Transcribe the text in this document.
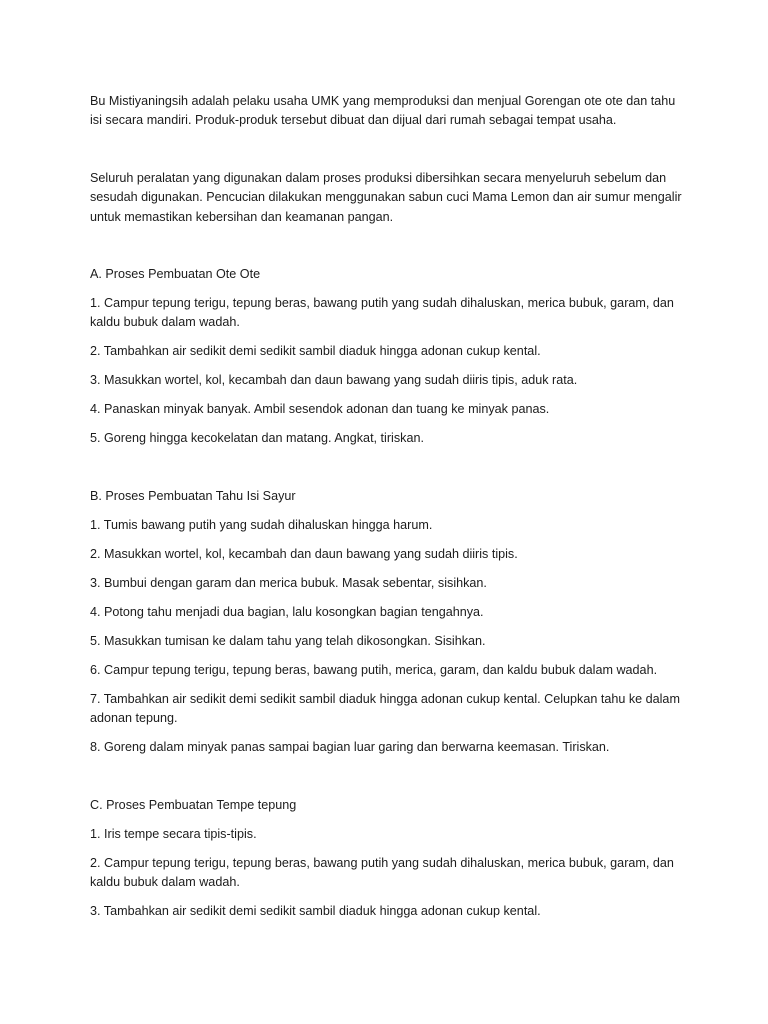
Bu Mistiyaningsih adalah pelaku usaha UMK yang memproduksi dan menjual Gorengan ote ote dan tahu isi secara mandiri. Produk-produk tersebut dibuat dan dijual dari rumah sebagai tempat usaha.

Seluruh peralatan yang digunakan dalam proses produksi dibersihkan secara menyeluruh sebelum dan sesudah digunakan. Pencucian dilakukan menggunakan sabun cuci Mama Lemon dan air sumur mengalir untuk memastikan kebersihan dan keamanan pangan.

A. Proses Pembuatan Ote Ote

1. Campur tepung terigu, tepung beras, bawang putih yang sudah dihaluskan, merica bubuk, garam, dan kaldu bubuk dalam wadah.

2. Tambahkan air sedikit demi sedikit sambil diaduk hingga adonan cukup kental.

3. Masukkan wortel, kol, kecambah dan daun bawang yang sudah diiris tipis, aduk rata.

4. Panaskan minyak banyak. Ambil sesendok adonan dan tuang ke minyak panas.

5. Goreng hingga kecokelatan dan matang. Angkat, tiriskan.

B. Proses Pembuatan Tahu Isi Sayur

1. Tumis bawang putih yang sudah dihaluskan hingga harum.

2. Masukkan wortel, kol, kecambah dan daun bawang yang sudah diiris tipis.

3. Bumbui dengan garam dan merica bubuk. Masak sebentar, sisihkan.

4. Potong tahu menjadi dua bagian, lalu kosongkan bagian tengahnya.

5. Masukkan tumisan ke dalam tahu yang telah dikosongkan. Sisihkan.

6. Campur tepung terigu, tepung beras, bawang putih, merica, garam, dan kaldu bubuk dalam wadah.

7. Tambahkan air sedikit demi sedikit sambil diaduk hingga adonan cukup kental. Celupkan tahu ke dalam adonan tepung.

8. Goreng dalam minyak panas sampai bagian luar garing dan berwarna keemasan. Tiriskan.

C. Proses Pembuatan Tempe tepung

1. Iris tempe secara tipis-tipis.

2. Campur tepung terigu, tepung beras, bawang putih yang sudah dihaluskan, merica bubuk, garam, dan kaldu bubuk dalam wadah.

3. Tambahkan air sedikit demi sedikit sambil diaduk hingga adonan cukup kental.
